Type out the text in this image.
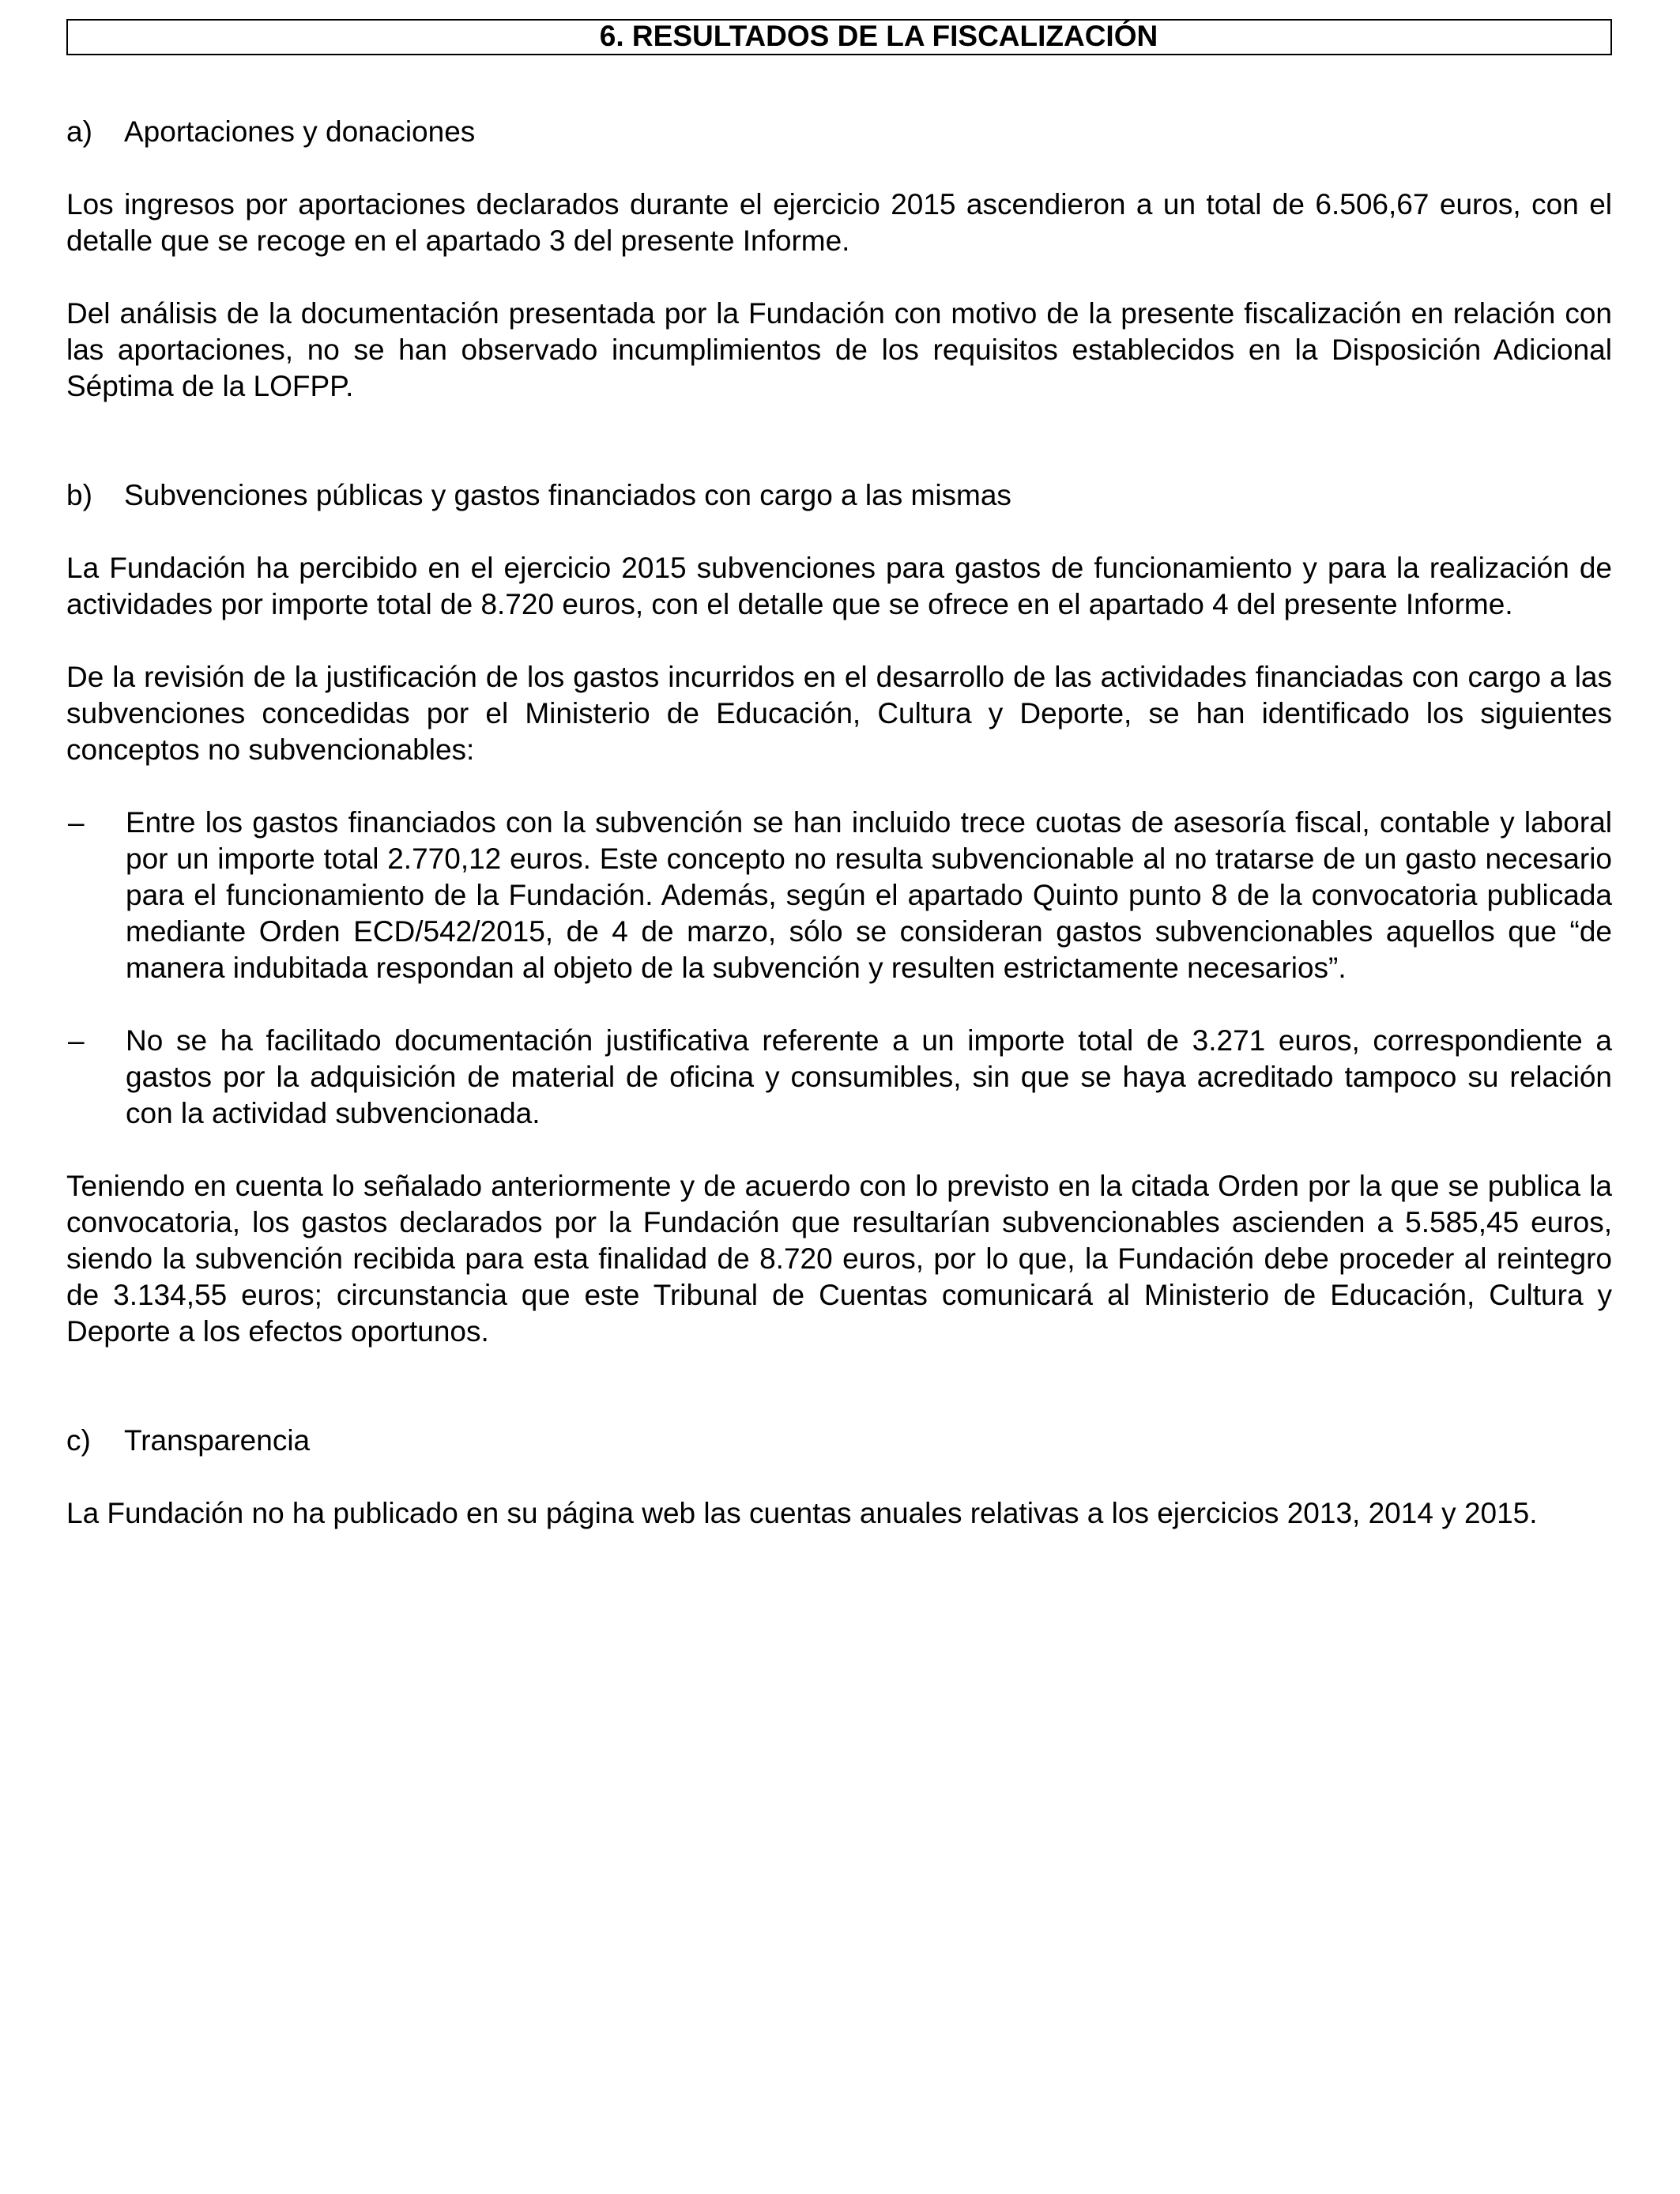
6. RESULTADOS DE LA FISCALIZACIÓN
a)	Aportaciones y donaciones

Los ingresos por aportaciones declarados durante el ejercicio 2015 ascendieron a un total de 6.506,67 euros, con el detalle que se recoge en el apartado 3 del presente Informe.

Del análisis de la documentación presentada por la Fundación con motivo de la presente fiscalización en relación con las aportaciones, no se han observado incumplimientos de los requisitos establecidos en la Disposición Adicional Séptima de la LOFPP.

b)	Subvenciones públicas y gastos financiados con cargo a las mismas

La Fundación ha percibido en el ejercicio 2015 subvenciones para gastos de funcionamiento y para la realización de actividades por importe total de 8.720 euros, con el detalle que se ofrece en el apartado 4 del presente Informe.

De la revisión de la justificación de los gastos incurridos en el desarrollo de las actividades financiadas con cargo a las subvenciones concedidas por el Ministerio de Educación, Cultura y Deporte, se han identificado los siguientes conceptos no subvencionables:

–	Entre los gastos financiados con la subvención se han incluido trece cuotas de asesoría fiscal, contable y laboral por un importe total 2.770,12 euros. Este concepto no resulta subvencionable al no tratarse de un gasto necesario para el funcionamiento de la Fundación. Además, según el apartado Quinto punto 8 de la convocatoria publicada mediante Orden ECD/542/2015, de 4 de marzo, sólo se consideran gastos subvencionables aquellos que “de manera indubitada respondan al objeto de la subvención y resulten estrictamente necesarios”.
–	No se ha facilitado documentación justificativa referente a un importe total de 3.271 euros, correspondiente a gastos por la adquisición de material de oficina y consumibles, sin que se haya acreditado tampoco su relación con la actividad subvencionada.

Teniendo en cuenta lo señalado anteriormente y de acuerdo con lo previsto en la citada Orden por la que se publica la convocatoria, los gastos declarados por la Fundación que resultarían subvencionables ascienden a 5.585,45 euros, siendo la subvención recibida para esta finalidad de 8.720 euros, por lo que, la Fundación debe proceder al reintegro de 3.134,55 euros; circunstancia que este Tribunal de Cuentas comunicará al Ministerio de Educación, Cultura y Deporte a los efectos oportunos.

c)	Transparencia

La Fundación no ha publicado en su página web las cuentas anuales relativas a los ejercicios 2013, 2014 y 2015.
